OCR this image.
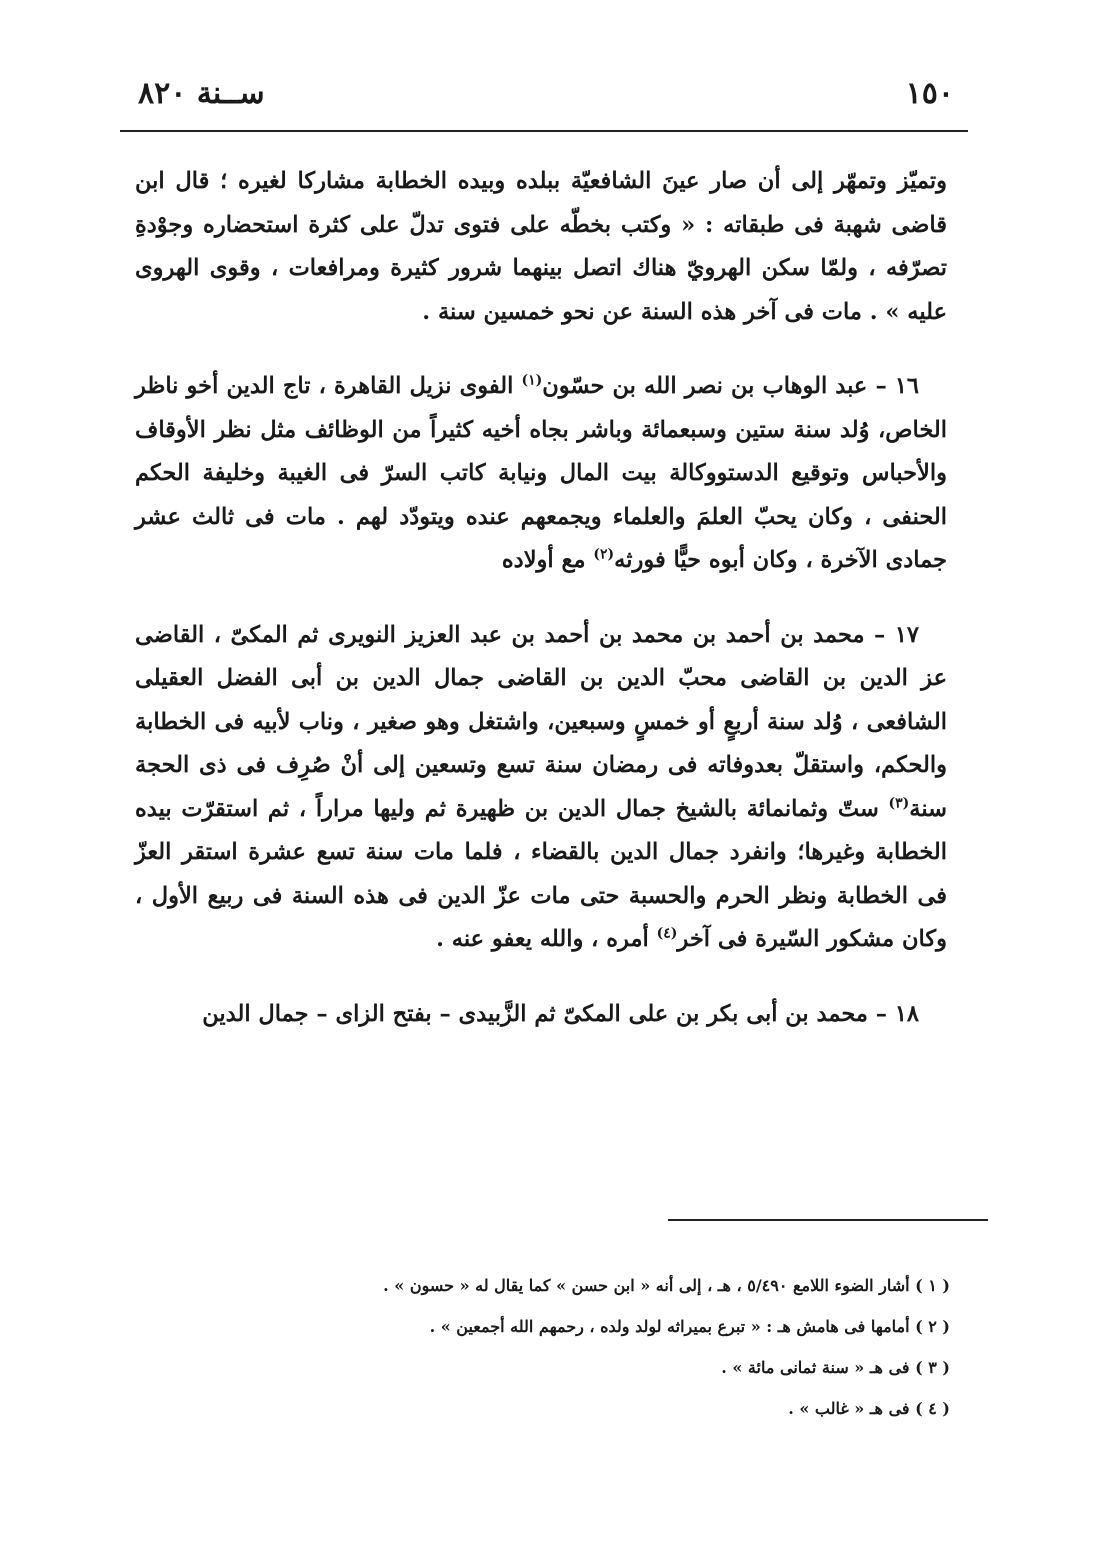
١٥٠
ســنة ٨٢٠

وتميّز وتمهّر إلى أن صار عينَ الشافعيّة ببلده وبيده الخطابة مشاركا لغيره ؛ قال ابن قاضى شهبة فى طبقاته : « وكتب بخطّه على فتوى تدلّ على كثرة استحضاره وجوْدةِ تصرّفه ، ولمّا سكن الهرويّ هناك اتصل بينهما شرور كثيرة ومرافعات ، وقوى الهروى عليه » . مات فى آخر هذه السنة عن نحو خمسين سنة .

١٦ – عبد الوهاب بن نصر الله بن حسّون$^{(١)}$ الفوى نزيل القاهرة ، تاج الدين أخو ناظر الخاص، وُلد سنة ستين وسبعمائة وباشر بجاه أخيه كثيراً من الوظائف مثل نظر الأوقاف والأحباس وتوقيع الدستووكالة بيت المال ونيابة كاتب السرّ فى الغيبة وخليفة الحكم الحنفى ، وكان يحبّ العلمَ والعلماء ويجمعهم عنده ويتودّد لهم . مات فى ثالث عشر جمادى الآخرة ، وكان أبوه حيًّا فورثه$^{(٢)}$ مع أولاده

١٧ – محمد بن أحمد بن محمد بن أحمد بن عبد العزيز النويرى ثم المكىّ ، القاضى عز الدين بن القاضى محبّ الدين بن القاضى جمال الدين بن أبى الفضل العقيلى الشافعى ، وُلد سنة أربعٍ أو خمسٍ وسبعين، واشتغل وهو صغير ، وناب لأبيه فى الخطابة والحكم، واستقلّ بعدوفاته فى رمضان سنة تسع وتسعين إلى أنْ صُرِف فى ذى الحجة سنة$^{(٣)}$ ستّ وثمانمائة بالشيخ جمال الدين بن ظهيرة ثم وليها مراراً ، ثم استقرّت بيده الخطابة وغيرها؛ وانفرد جمال الدين بالقضاء ، فلما مات سنة تسع عشرة استقر العزّ فى الخطابة ونظر الحرم والحسبة حتى مات عزّ الدين فى هذه السنة فى ربيع الأول ، وكان مشكور السّيرة فى آخر$^{(٤)}$ أمره ، والله يعفو عنه .

١٨ – محمد بن أبى بكر بن على المكىّ ثم الزَّبيدى – بفتح الزاى – جمال الدين

( ١ ) أشار الضوء اللامع ٥/٤٩٠ ، هـ ، إلى أنه « ابن حسن » كما يقال له « حسون » .
( ٢ ) أمامها فى هامش هـ : « تبرع بميراثه لولد ولده ، رحمهم الله أجمعين » .
( ٣ ) فى هـ « سنة ثمانى مائة » .
( ٤ ) فى هـ « غالب » .
